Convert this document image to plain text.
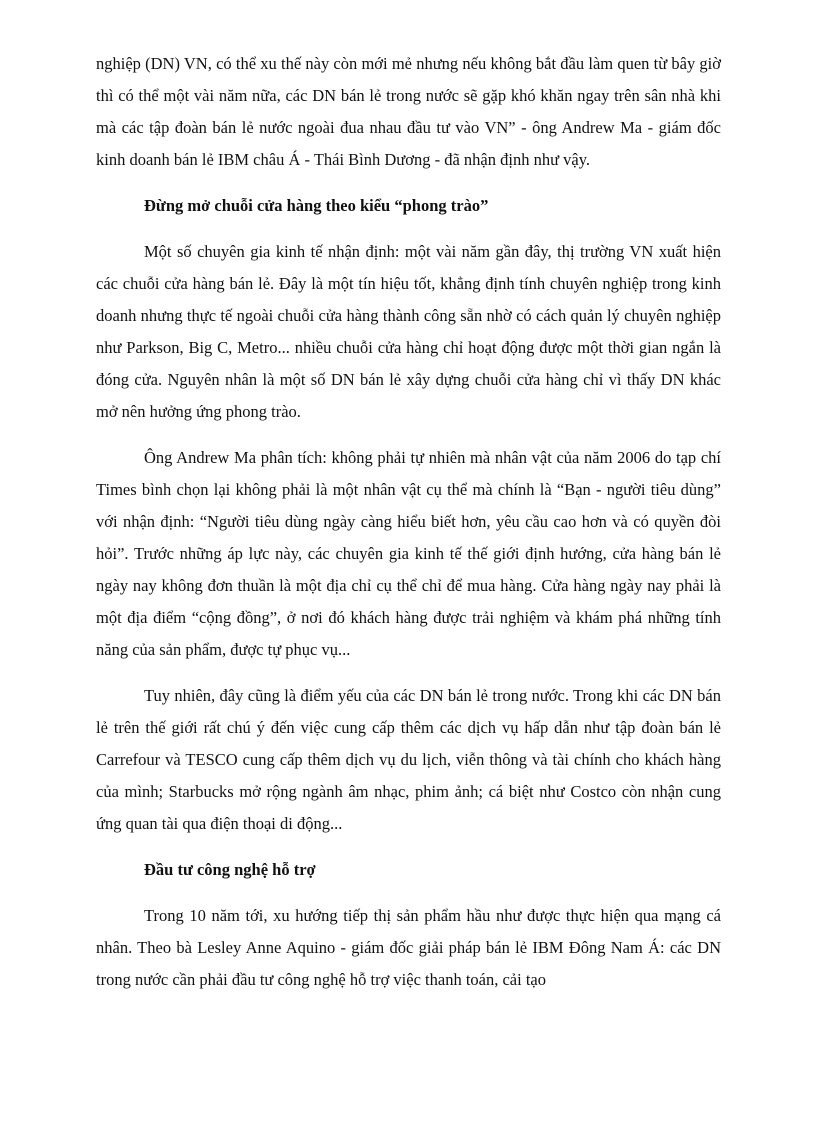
nghiệp (DN) VN, có thể xu thế này còn mới mẻ nhưng nếu không bắt đầu làm quen từ bây giờ thì có thể một vài năm nữa, các DN bán lẻ trong nước sẽ gặp khó khăn ngay trên sân nhà khi mà các tập đoàn bán lẻ nước ngoài đua nhau đầu tư vào VN” - ông Andrew Ma - giám đốc kinh doanh bán lẻ IBM châu Á - Thái Bình Dương - đã nhận định như vậy.

Đừng mở chuỗi cửa hàng theo kiểu “phong trào”

Một số chuyên gia kinh tế nhận định: một vài năm gần đây, thị trường VN xuất hiện các chuỗi cửa hàng bán lẻ. Đây là một tín hiệu tốt, khẳng định tính chuyên nghiệp trong kinh doanh nhưng thực tế ngoài chuỗi cửa hàng thành công sẵn nhờ có cách quản lý chuyên nghiệp như Parkson, Big C, Metro... nhiều chuỗi cửa hàng chỉ hoạt động được một thời gian ngắn là đóng cửa. Nguyên nhân là một số DN bán lẻ xây dựng chuỗi cửa hàng chỉ vì thấy DN khác mở nên hưởng ứng phong trào.

Ông Andrew Ma phân tích: không phải tự nhiên mà nhân vật của năm 2006 do tạp chí Times bình chọn lại không phải là một nhân vật cụ thể mà chính là “Bạn - người tiêu dùng” với nhận định: “Người tiêu dùng ngày càng hiểu biết hơn, yêu cầu cao hơn và có quyền đòi hỏi”. Trước những áp lực này, các chuyên gia kinh tế thế giới định hướng, cửa hàng bán lẻ ngày nay không đơn thuần là một địa chỉ cụ thể chỉ để mua hàng. Cửa hàng ngày nay phải là một địa điểm “cộng đồng”, ở nơi đó khách hàng được trải nghiệm và khám phá những tính năng của sản phẩm, được tự phục vụ...

Tuy nhiên, đây cũng là điểm yếu của các DN bán lẻ trong nước. Trong khi các DN bán lẻ trên thế giới rất chú ý đến việc cung cấp thêm các dịch vụ hấp dẫn như tập đoàn bán lẻ Carrefour và TESCO cung cấp thêm dịch vụ du lịch, viễn thông và tài chính cho khách hàng của mình; Starbucks mở rộng ngành âm nhạc, phim ảnh; cá biệt như Costco còn nhận cung ứng quan tài qua điện thoại di động...

Đầu tư công nghệ hỗ trợ

Trong 10 năm tới, xu hướng tiếp thị sản phẩm hầu như được thực hiện qua mạng cá nhân. Theo bà Lesley Anne Aquino - giám đốc giải pháp bán lẻ IBM Đông Nam Á: các DN trong nước cần phải đầu tư công nghệ hỗ trợ việc thanh toán, cải tạo
